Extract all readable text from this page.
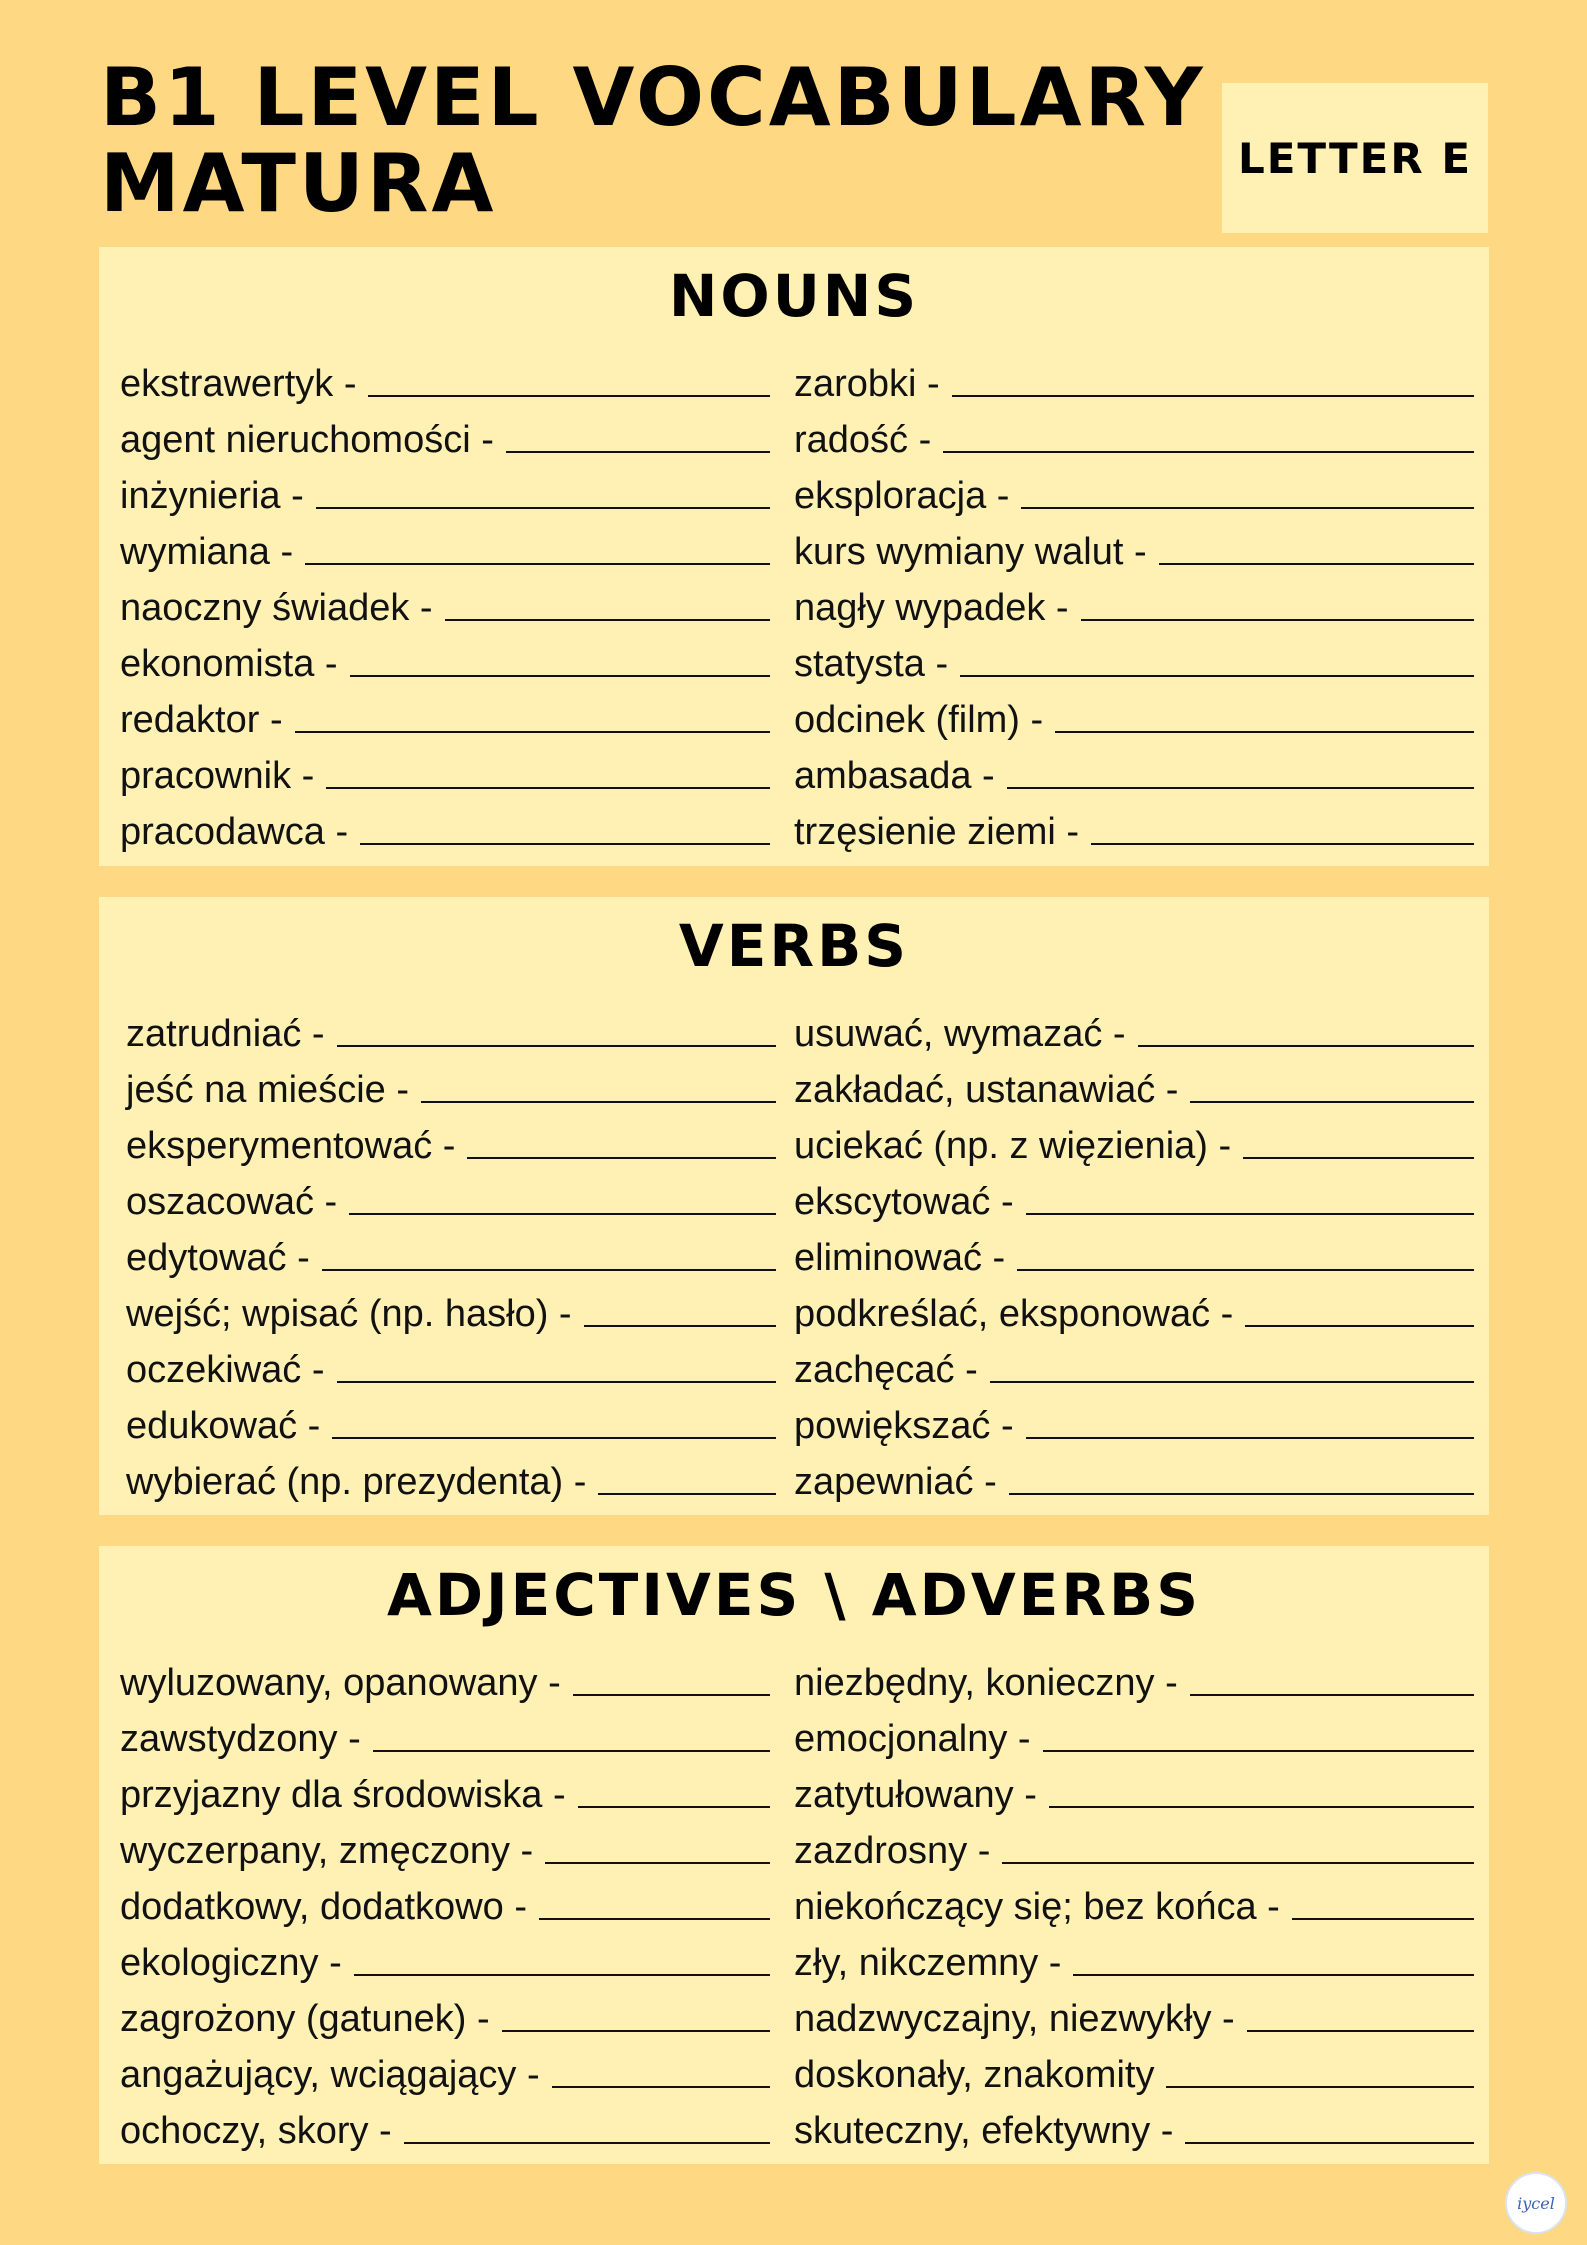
B1 LEVEL VOCABULARY
MATURA	LETTER E
NOUNS
ekstrawertyk -
agent nieruchomości -
inżynieria -
wymiana -
naoczny świadek -
ekonomista -
redaktor -
pracownik -
pracodawca -
zarobki -
radość -
eksploracja -
kurs wymiany walut -
nagły wypadek -
statysta -
odcinek (film) -
ambasada -
trzęsienie ziemi -
VERBS
zatrudniać -
jeść na mieście -
eksperymentować -
oszacować -
edytować -
wejść; wpisać (np. hasło) -
oczekiwać -
edukować -
wybierać (np. prezydenta) -
usuwać, wymazać -
zakładać, ustanawiać -
uciekać (np. z więzienia) -
ekscytować -
eliminować -
podkreślać, eksponować -
zachęcać -
powiększać -
zapewniać -
ADJECTIVES \ ADVERBS
wyluzowany, opanowany -
zawstydzony -
przyjazny dla środowiska -
wyczerpany, zmęczony -
dodatkowy, dodatkowo -
ekologiczny -
zagrożony (gatunek) -
angażujący, wciągający -
ochoczy, skory -
niezbędny, konieczny -
emocjonalny -
zatytułowany -
zazdrosny -
niekończący się; bez końca -
zły, nikczemny -
nadzwyczajny, niezwykły -
doskonały, znakomity
skuteczny, efektywny -
iycel
